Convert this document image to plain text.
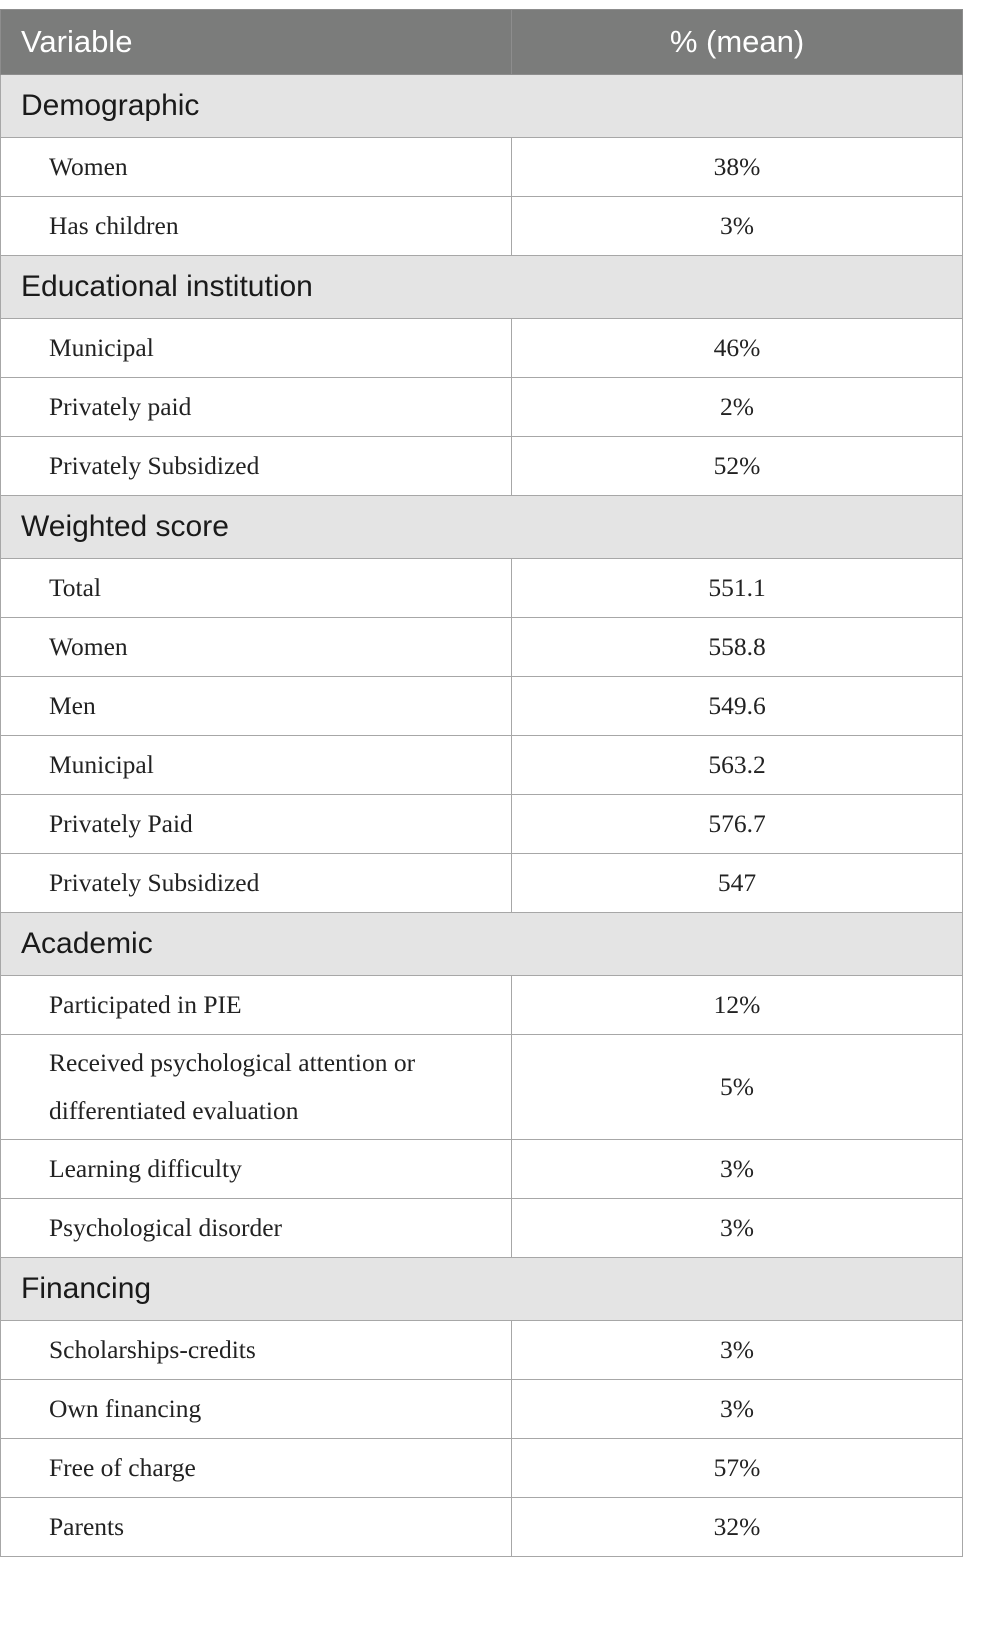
Variable	% (mean)
Demographic	
Women	38%
Has children	3%
Educational institution	
Municipal	46%
Privately paid	2%
Privately Subsidized	52%
Weighted score	
Total	551.1
Women	558.8
Men	549.6
Municipal	563.2
Privately Paid	576.7
Privately Subsidized	547
Academic	
Participated in PIE	12%
Received psychological attention or differentiated evaluation	5%
Learning difficulty	3%
Psychological disorder	3%
Financing	
Scholarships-credits	3%
Own financing	3%
Free of charge	57%
Parents	32%
